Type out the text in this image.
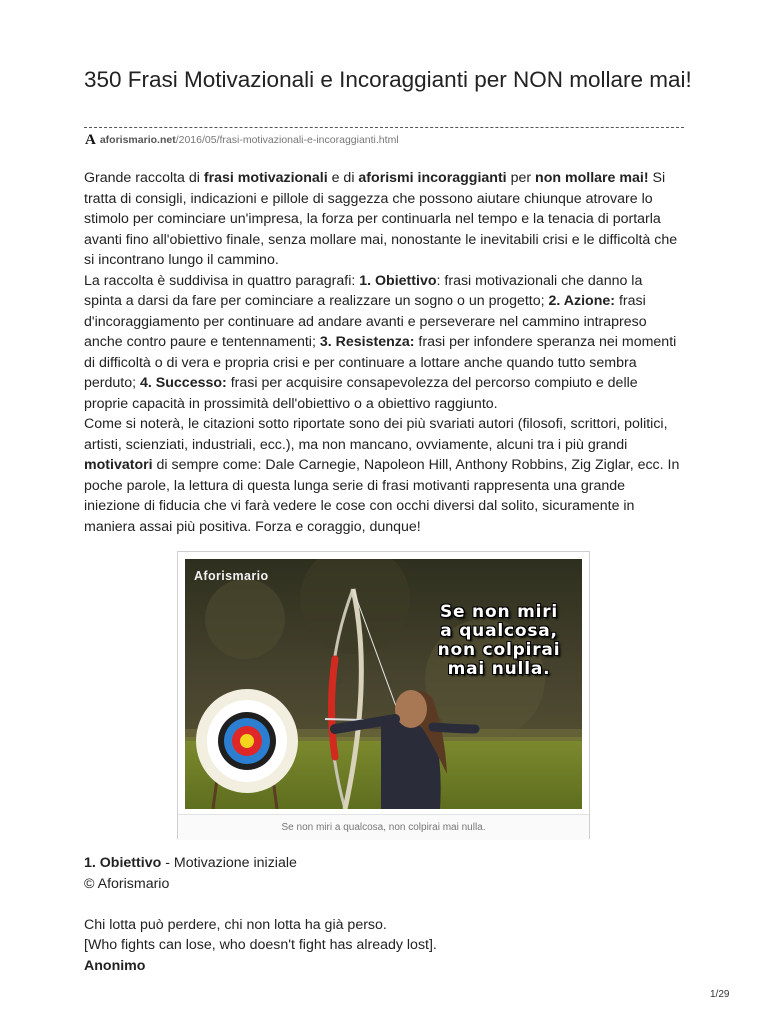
350 Frasi Motivazionali e Incoraggianti per NON mollare mai!
A aforismario.net/2016/05/frasi-motivazionali-e-incoraggianti.html

Grande raccolta di frasi motivazionali e di aforismi incoraggianti per non mollare mai! Si tratta di consigli, indicazioni e pillole di saggezza che possono aiutare chiunque atrovare lo stimolo per cominciare un'impresa, la forza per continuarla nel tempo e la tenacia di portarla avanti fino all'obiettivo finale, senza mollare mai, nonostante le inevitabili crisi e le difficoltà che si incontrano lungo il cammino.

La raccolta è suddivisa in quattro paragrafi: 1. Obiettivo: frasi motivazionali che danno la spinta a darsi da fare per cominciare a realizzare un sogno o un progetto; 2. Azione: frasi d'incoraggiamento per continuare ad andare avanti e perseverare nel cammino intrapreso anche contro paure e tentennamenti; 3. Resistenza: frasi per infondere speranza nei momenti di difficoltà o di vera e propria crisi e per continuare a lottare anche quando tutto sembra perduto; 4. Successo: frasi per acquisire consapevolezza del percorso compiuto e delle proprie capacità in prossimità dell'obiettivo o a obiettivo raggiunto.

Come si noterà, le citazioni sotto riportate sono dei più svariati autori (filosofi, scrittori, politici, artisti, scienziati, industriali, ecc.), ma non mancano, ovviamente, alcuni tra i più grandi motivatori di sempre come: Dale Carnegie, Napoleon Hill, Anthony Robbins, Zig Ziglar, ecc. In poche parole, la lettura di questa lunga serie di frasi motivanti rappresenta una grande iniezione di fiducia che vi farà vedere le cose con occhi diversi dal solito, sicuramente in maniera assai più positiva. Forza e coraggio, dunque!

Aforismario
Se non miri
a qualcosa,
non colpirai
mai nulla.
Se non miri a qualcosa, non colpirai mai nulla.

1. Obiettivo - Motivazione iniziale

© Aforismario

Chi lotta può perdere, chi non lotta ha già perso.

[Who fights can lose, who doesn't fight has already lost].

Anonimo

1/29
